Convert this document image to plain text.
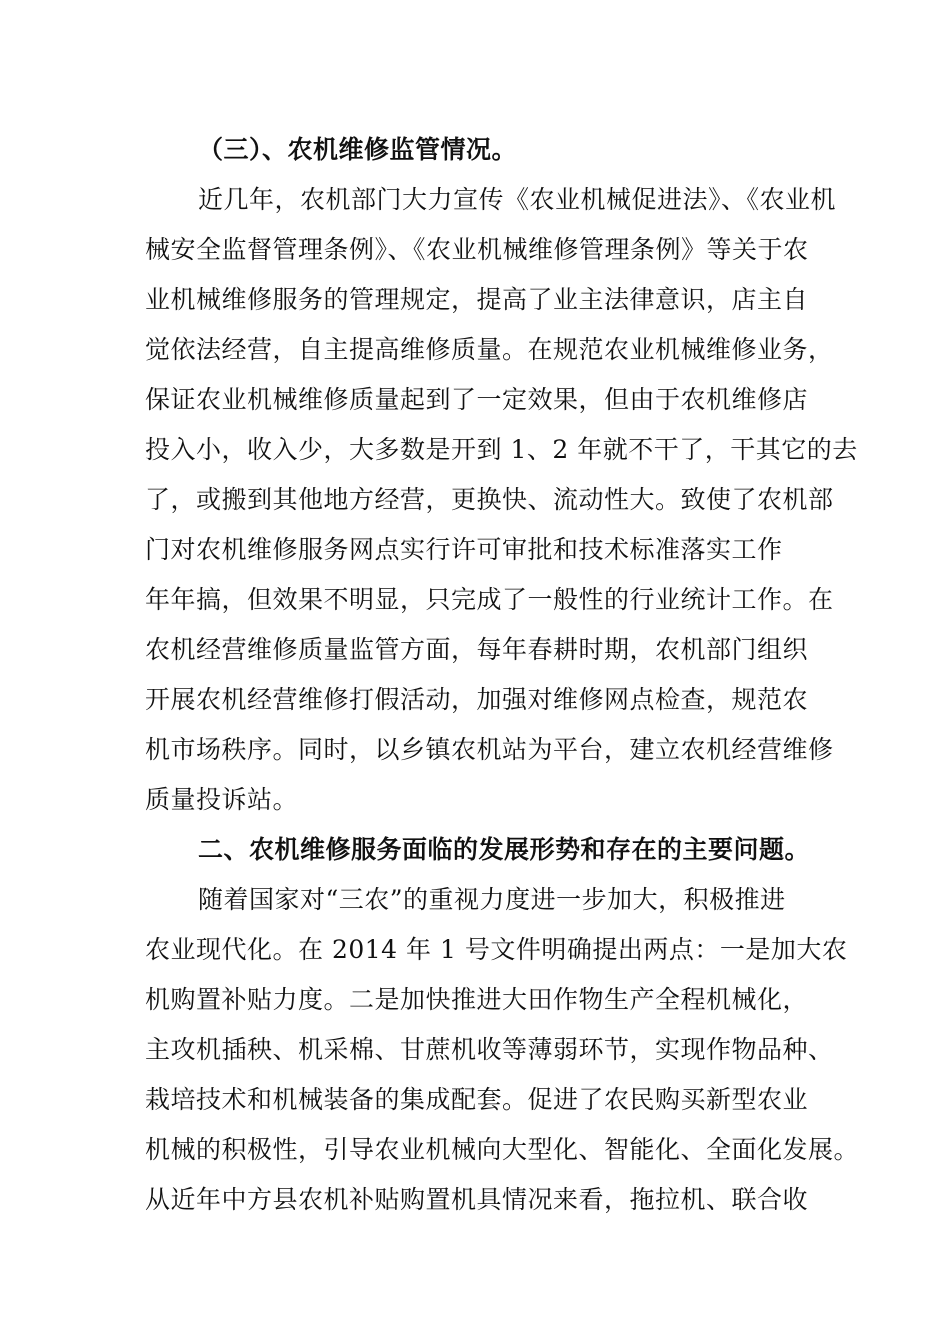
（三）、农机维修监管情况。
近几年，农机部门大力宣传《农业机械促进法》、《农业机
械安全监督管理条例》、《农业机械维修管理条例》等关于农
业机械维修服务的管理规定，提高了业主法律意识，店主自
觉依法经营，自主提高维修质量。在规范农业机械维修业务，
保证农业机械维修质量起到了一定效果，但由于农机维修店
投入小，收入少，大多数是开到 1、2 年就不干了，干其它的去
了，或搬到其他地方经营，更换快、流动性大。致使了农机部
门对农机维修服务网点实行许可审批和技术标准落实工作
年年搞，但效果不明显，只完成了一般性的行业统计工作。在
农机经营维修质量监管方面，每年春耕时期，农机部门组织
开展农机经营维修打假活动，加强对维修网点检查，规范农
机市场秩序。同时，以乡镇农机站为平台，建立农机经营维修
质量投诉站。
二、农机维修服务面临的发展形势和存在的主要问题。
随着国家对“三农”的重视力度进一步加大，积极推进
农业现代化。在 2014 年 1 号文件明确提出两点：一是加大农
机购置补贴力度。二是加快推进大田作物生产全程机械化，
主攻机插秧、机采棉、甘蔗机收等薄弱环节，实现作物品种、
栽培技术和机械装备的集成配套。促进了农民购买新型农业
机械的积极性，引导农业机械向大型化、智能化、全面化发展。
从近年中方县农机补贴购置机具情况来看，拖拉机、联合收
